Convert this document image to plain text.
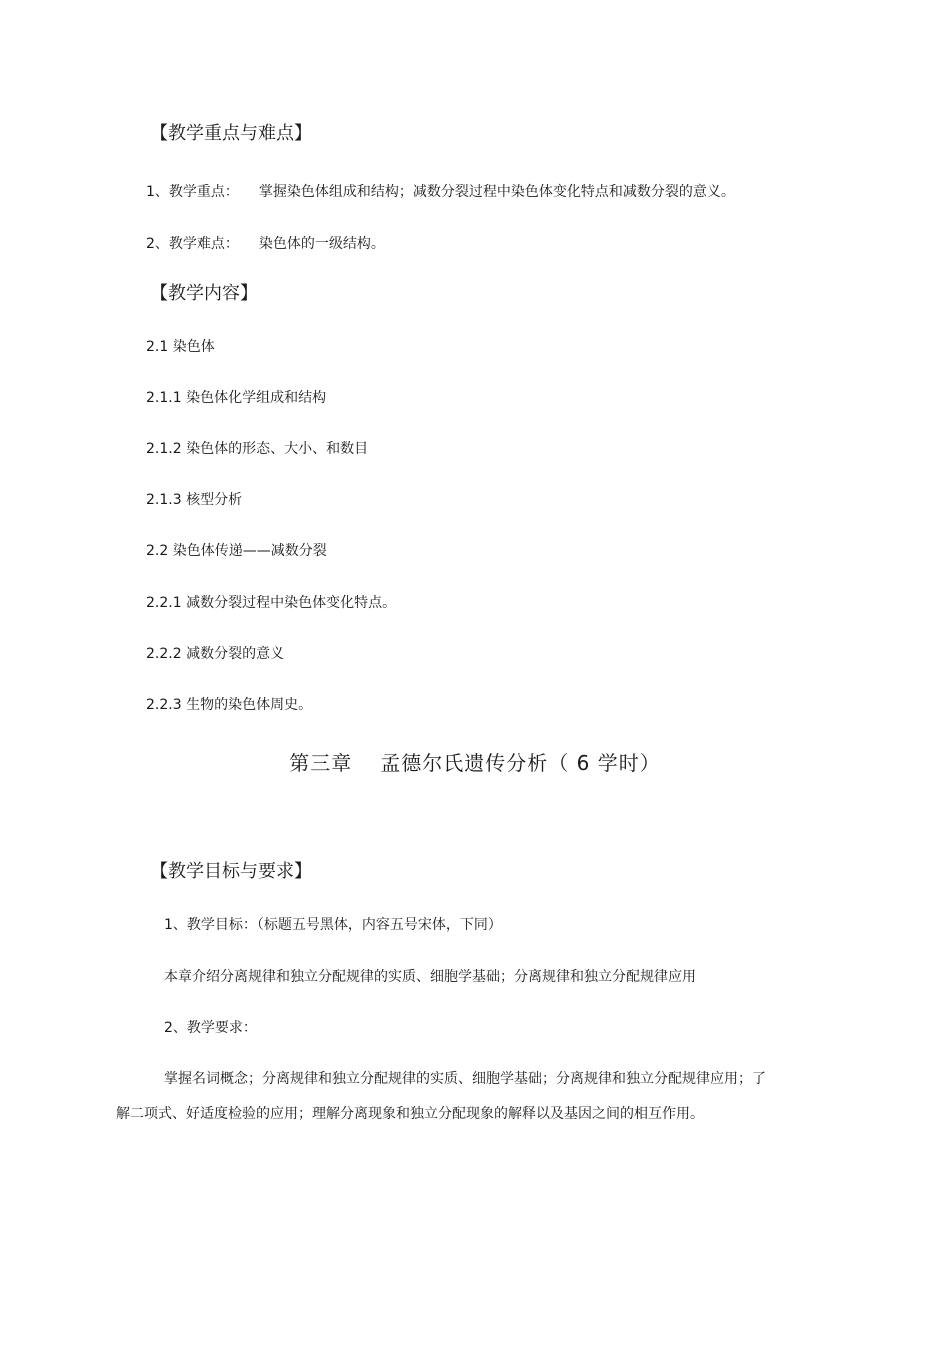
【教学重点与难点】
1、教学重点： 掌握染色体组成和结构；减数分裂过程中染色体变化特点和减数分裂的意义。
2、教学难点： 染色体的一级结构。
【教学内容】
2.1 染色体
2.1.1 染色体化学组成和结构
2.1.2 染色体的形态、大小、和数目
2.1.3 核型分析
2.2 染色体传递——减数分裂
2.2.1 减数分裂过程中染色体变化特点。
2.2.2 减数分裂的意义
2.2.3 生物的染色体周史。
第三章 孟德尔氏遗传分析（ 6 学时）
【教学目标与要求】
1、教学目标：（标题五号黑体，内容五号宋体，下同）
本章介绍分离规律和独立分配规律的实质、细胞学基础；分离规律和独立分配规律应用
2、教学要求：
掌握名词概念；分离规律和独立分配规律的实质、细胞学基础；分离规律和独立分配规律应用；了解二项式、好适度检验的应用；理解分离现象和独立分配现象的解释以及基因之间的相互作用。
